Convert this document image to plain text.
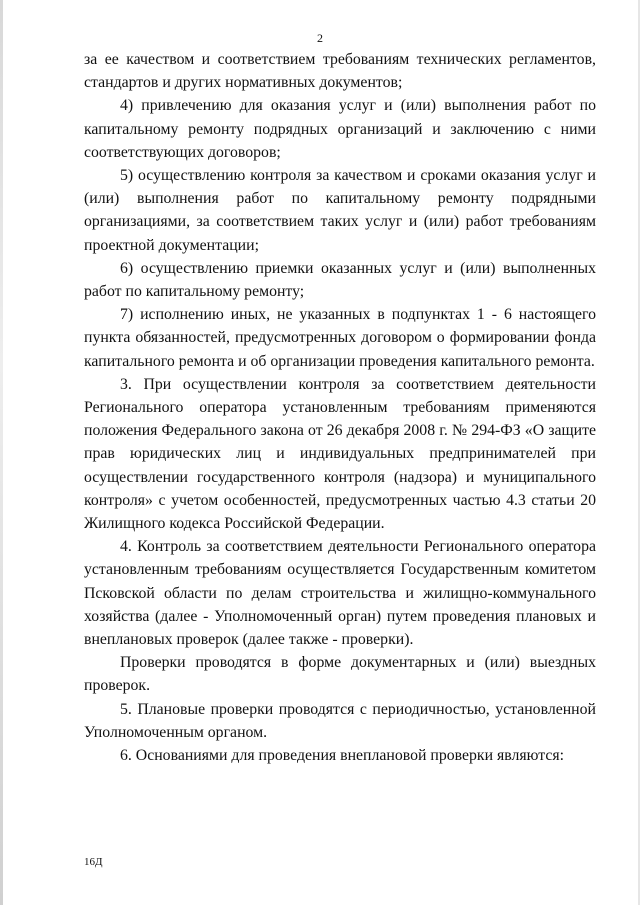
2

за ее качеством и соответствием требованиям технических регламентов, стандартов и других нормативных документов;

4) привлечению для оказания услуг и (или) выполнения работ по капитальному ремонту подрядных организаций и заключению с ними соответствующих договоров;

5) осуществлению контроля за качеством и сроками оказания услуг и (или) выполнения работ по капитальному ремонту подрядными организациями, за соответствием таких услуг и (или) работ требованиям проектной документации;

6) осуществлению приемки оказанных услуг и (или) выполненных работ по капитальному ремонту;

7) исполнению иных, не указанных в подпунктах 1 - 6 настоящего пункта обязанностей, предусмотренных договором о формировании фонда капитального ремонта и об организации проведения капитального ремонта.

3. При осуществлении контроля за соответствием деятельности Регионального оператора установленным требованиям применяются положения Федерального закона от 26 декабря 2008 г. № 294-ФЗ «О защите прав юридических лиц и индивидуальных предпринимателей при осуществлении государственного контроля (надзора) и муниципального контроля» с учетом особенностей, предусмотренных частью 4.3 статьи 20 Жилищного кодекса Российской Федерации.

4. Контроль за соответствием деятельности Регионального оператора установленным требованиям осуществляется Государственным комитетом Псковской области по делам строительства и жилищно-коммунального хозяйства (далее - Уполномоченный орган) путем проведения плановых и внеплановых проверок (далее также - проверки).

Проверки проводятся в форме документарных и (или) выездных проверок.

5. Плановые проверки проводятся с периодичностью, установленной Уполномоченным органом.

6. Основаниями для проведения внеплановой проверки являются:

16Д
